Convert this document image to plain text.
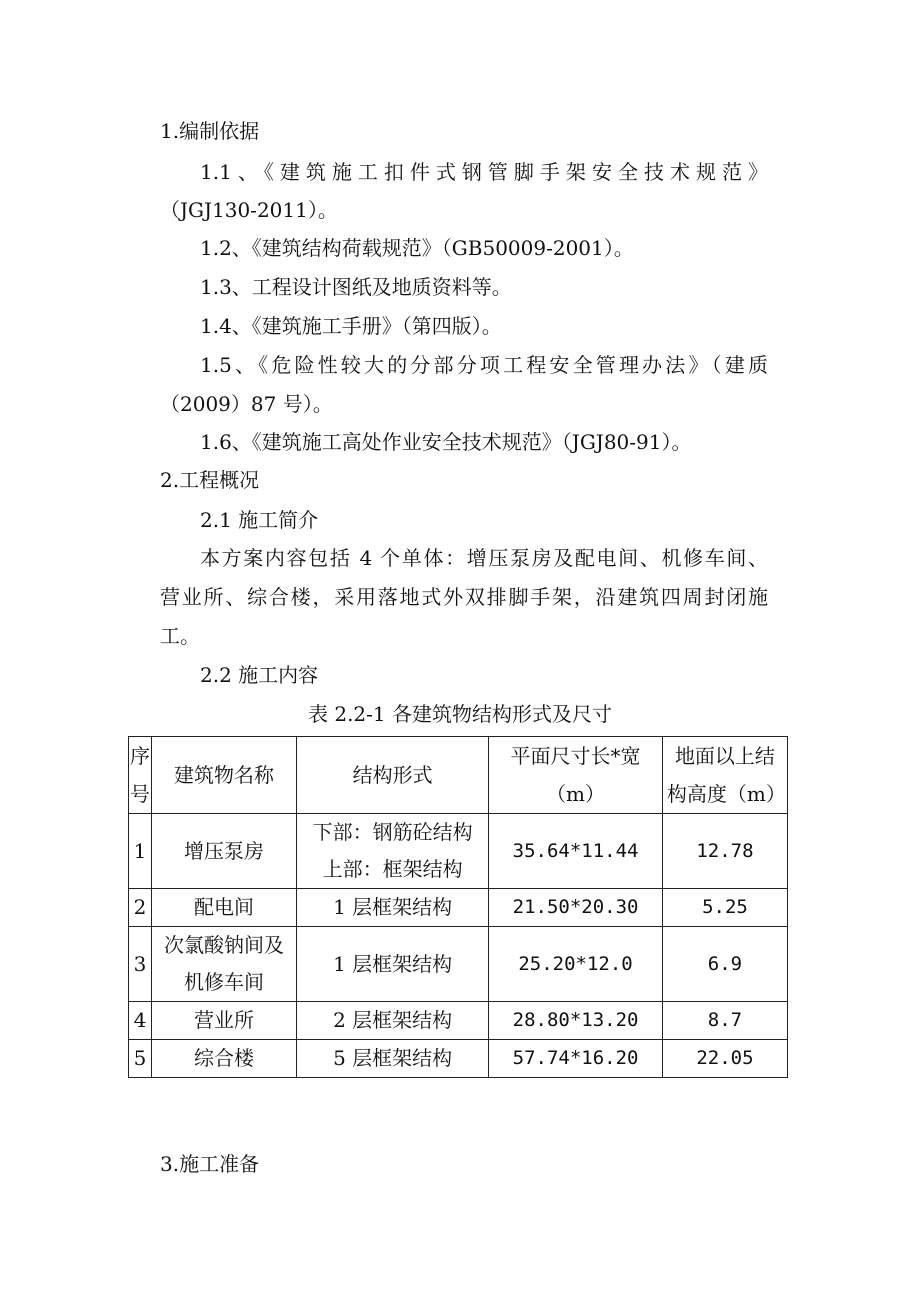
1.编制依据
1.1、《建筑施工扣件式钢管脚手架安全技术规范》
（JGJ130-2011）。
1.2、《建筑结构荷载规范》（GB50009-2001）。
1.3、工程设计图纸及地质资料等。
1.4、《建筑施工手册》（第四版）。
1.5、《危险性较大的分部分项工程安全管理办法》（建质
（2009）87 号）。
1.6、《建筑施工高处作业安全技术规范》（JGJ80-91）。
2.工程概况
2.1 施工简介
本方案内容包括 4 个单体：增压泵房及配电间、机修车间、
营业所、综合楼，采用落地式外双排脚手架，沿建筑四周封闭施
工。
2.2 施工内容
表 2.2-1 各建筑物结构形式及尺寸
序号	建筑物名称	结构形式	平面尺寸长*宽（m）	地面以上结构高度（m）
1	增压泵房	下部：钢筋砼结构
上部：框架结构	35.64*11.44	12.78
2	配电间	1 层框架结构	21.50*20.30	5.25
3	次氯酸钠间及机修车间	1 层框架结构	25.20*12.0	6.9
4	营业所	2 层框架结构	28.80*13.20	8.7
5	综合楼	5 层框架结构	57.74*16.20	22.05
3.施工准备
